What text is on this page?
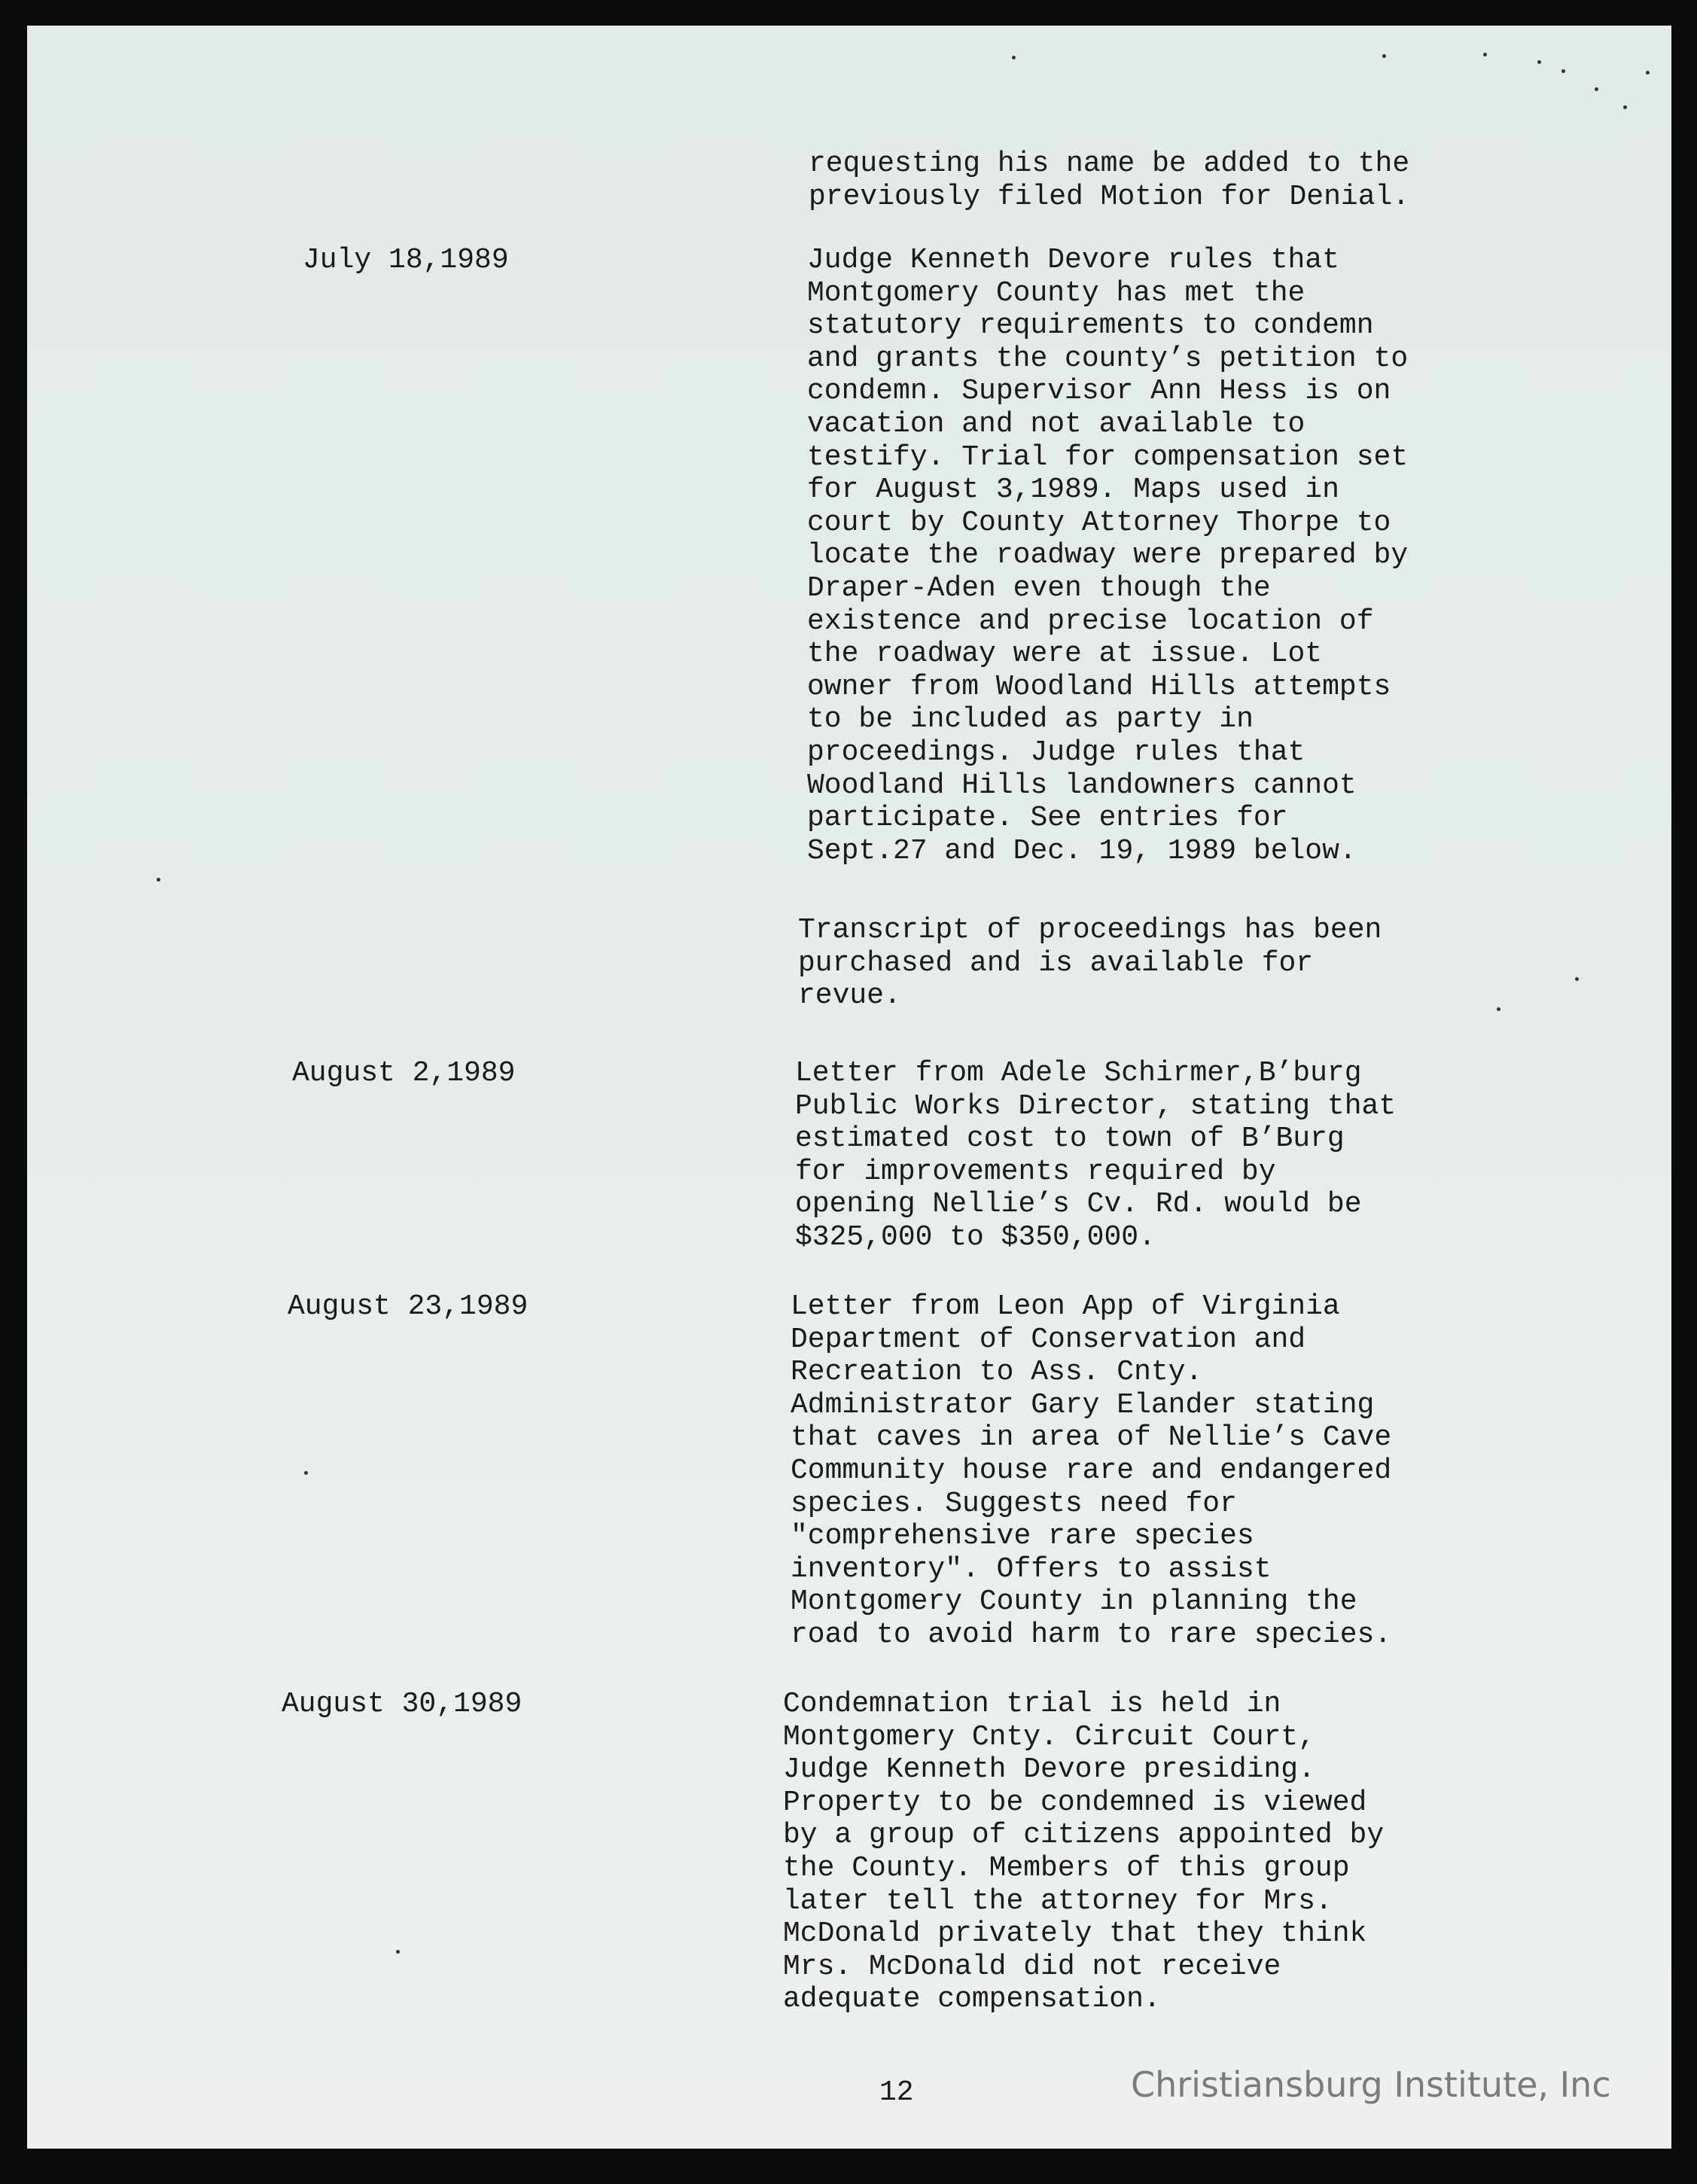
requesting his name be added to the
previously filed Motion for Denial.
July 18,1989	Judge Kenneth Devore rules that
Montgomery County has met the
statutory requirements to condemn
and grants the county’s petition to
condemn. Supervisor Ann Hess is on
vacation and not available to
testify. Trial for compensation set
for August 3,1989. Maps used in
court by County Attorney Thorpe to
locate the roadway were prepared by
Draper-Aden even though the
existence and precise location of
the roadway were at issue. Lot
owner from Woodland Hills attempts
to be included as party in
proceedings. Judge rules that
Woodland Hills landowners cannot
participate. See entries for
Sept.27 and Dec. 19, 1989 below.
Transcript of proceedings has been
purchased and is available for
revue.
August 2,1989	Letter from Adele Schirmer,B’burg
Public Works Director, stating that
estimated cost to town of B’Burg
for improvements required by
opening Nellie’s Cv. Rd. would be
$325,000 to $350,000.
August 23,1989	Letter from Leon App of Virginia
Department of Conservation and
Recreation to Ass. Cnty.
Administrator Gary Elander stating
that caves in area of Nellie’s Cave
Community house rare and endangered
species. Suggests need for
"comprehensive rare species
inventory". Offers to assist
Montgomery County in planning the
road to avoid harm to rare species.
August 30,1989	Condemnation trial is held in
Montgomery Cnty. Circuit Court,
Judge Kenneth Devore presiding.
Property to be condemned is viewed
by a group of citizens appointed by
the County. Members of this group
later tell the attorney for Mrs.
McDonald privately that they think
Mrs. McDonald did not receive
adequate compensation.
12	Christiansburg Institute, Inc
